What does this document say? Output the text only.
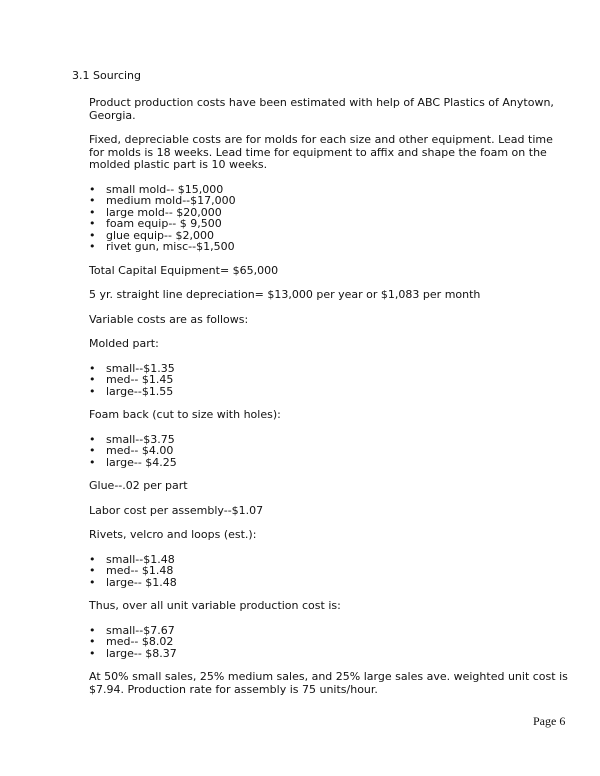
3.1 Sourcing

Product production costs have been estimated with help of ABC Plastics of Anytown, Georgia.

Fixed, depreciable costs are for molds for each size and other equipment. Lead time for molds is 18 weeks. Lead time for equipment to affix and shape the foam on the molded plastic part is 10 weeks.

• small mold-- $15,000
• medium mold--$17,000
• large mold-- $20,000
• foam equip-- $ 9,500
• glue equip-- $2,000
• rivet gun, misc--$1,500

Total Capital Equipment= $65,000

5 yr. straight line depreciation= $13,000 per year or $1,083 per month

Variable costs are as follows:

Molded part:

• small--$1.35
• med-- $1.45
• large--$1.55

Foam back (cut to size with holes):

• small--$3.75
• med-- $4.00
• large-- $4.25

Glue--.02 per part

Labor cost per assembly--$1.07

Rivets, velcro and loops (est.):

• small--$1.48
• med-- $1.48
• large-- $1.48

Thus, over all unit variable production cost is:

• small--$7.67
• med-- $8.02
• large-- $8.37

At 50% small sales, 25% medium sales, and 25% large sales ave. weighted unit cost is $7.94. Production rate for assembly is 75 units/hour.

Page 6
